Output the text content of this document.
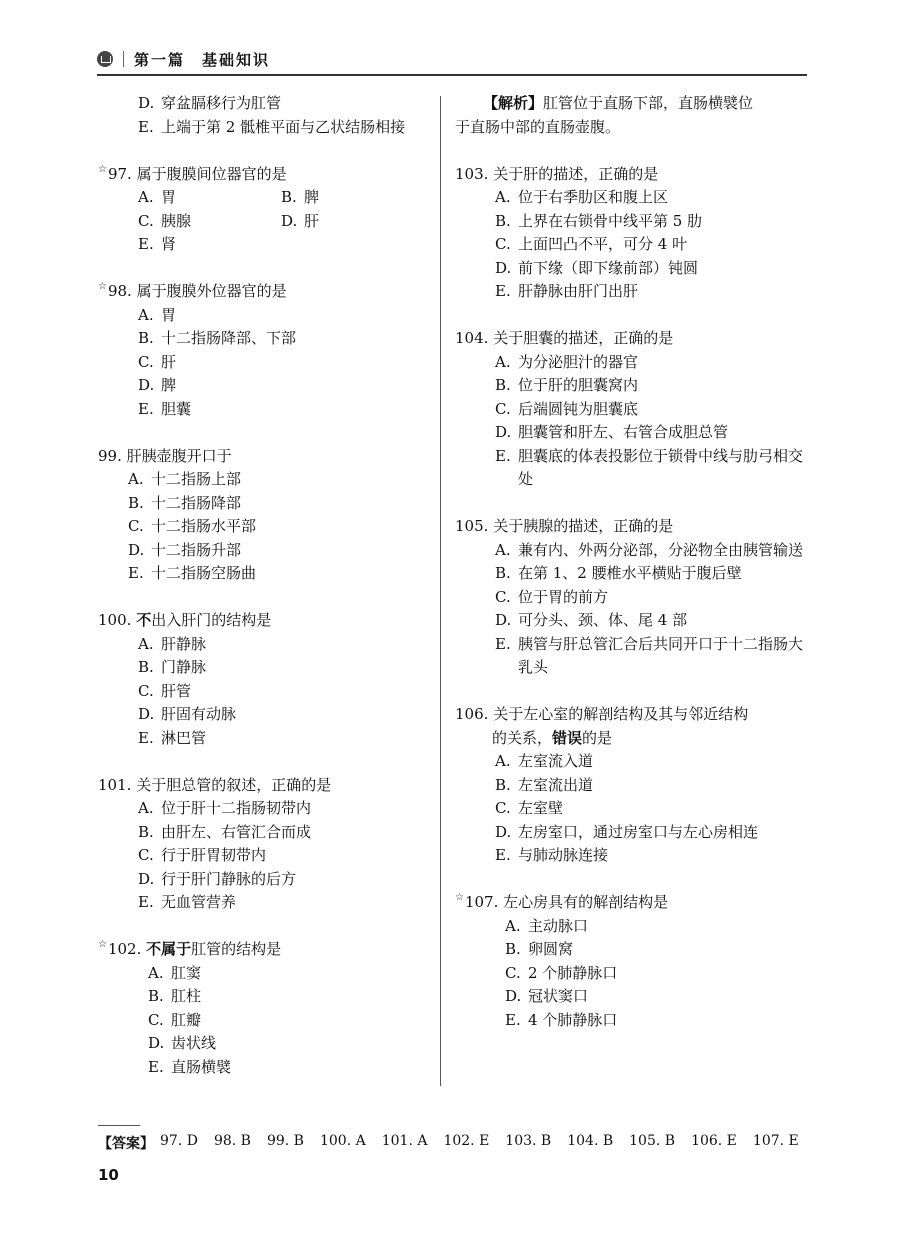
第一篇　基础知识
D. 穿盆膈移行为肛管
E. 上端于第 2 骶椎平面与乙状结肠相接
☆ 97.
属于腹膜间位器官的是
A. 胃	B. 脾
C. 胰腺	D. 肝
E. 肾
☆ 98.
属于腹膜外位器官的是
A. 胃
B. 十二指肠降部、下部
C. 肝
D. 脾
E. 胆囊
99.
肝胰壶腹开口于
A. 十二指肠上部
B. 十二指肠降部
C. 十二指肠水平部
D. 十二指肠升部
E. 十二指肠空肠曲
100.
不 出入肝门的结构是
A. 肝静脉
B. 门静脉
C. 肝管
D. 肝固有动脉
E. 淋巴管
101.
关于胆总管的叙述，正确的是
A. 位于肝十二指肠韧带内
B. 由肝左、右管汇合而成
C. 行于肝胃韧带内
D. 行于肝门静脉的后方
E. 无血管营养
☆ 102.
不属于 肛管的结构是
A. 肛窦
B. 肛柱
C. 肛瓣
D. 齿状线
E. 直肠横襞
【解析】肛管位于直肠下部，直肠横襞位
于直肠中部的直肠壶腹。
103.
关于肝的描述，正确的是
A. 位于右季肋区和腹上区
B. 上界在右锁骨中线平第 5 肋
C. 上面凹凸不平，可分 4 叶
D. 前下缘（即下缘前部）钝圆
E. 肝静脉由肝门出肝
104.
关于胆囊的描述，正确的是
A. 为分泌胆汁的器官
B. 位于肝的胆囊窝内
C. 后端圆钝为胆囊底
D. 胆囊管和肝左、右管合成胆总管
E. 胆囊底的体表投影位于锁骨中线与肋弓相交处
105.
关于胰腺的描述，正确的是
A. 兼有内、外两分泌部，分泌物全由胰管输送
B. 在第 1、2 腰椎水平横贴于腹后壁
C. 位于胃的前方
D. 可分头、颈、体、尾 4 部
E. 胰管与肝总管汇合后共同开口于十二指肠大乳头
106.
关于左心室的解剖结构及其与邻近结构
的关系，错误的是
A. 左室流入道
B. 左室流出道
C. 左室壁
D. 左房室口，通过房室口与左心房相连
E. 与肺动脉连接
☆ 107.
左心房具有的解剖结构是
A. 主动脉口
B. 卵圆窝
C. 2 个肺静脉口
D. 冠状窦口
E. 4 个肺静脉口
【答案】 97. D 98. B 99. B 100. A 101. A 102. E 103. B 104. B 105. B 106. E 107. E
10
